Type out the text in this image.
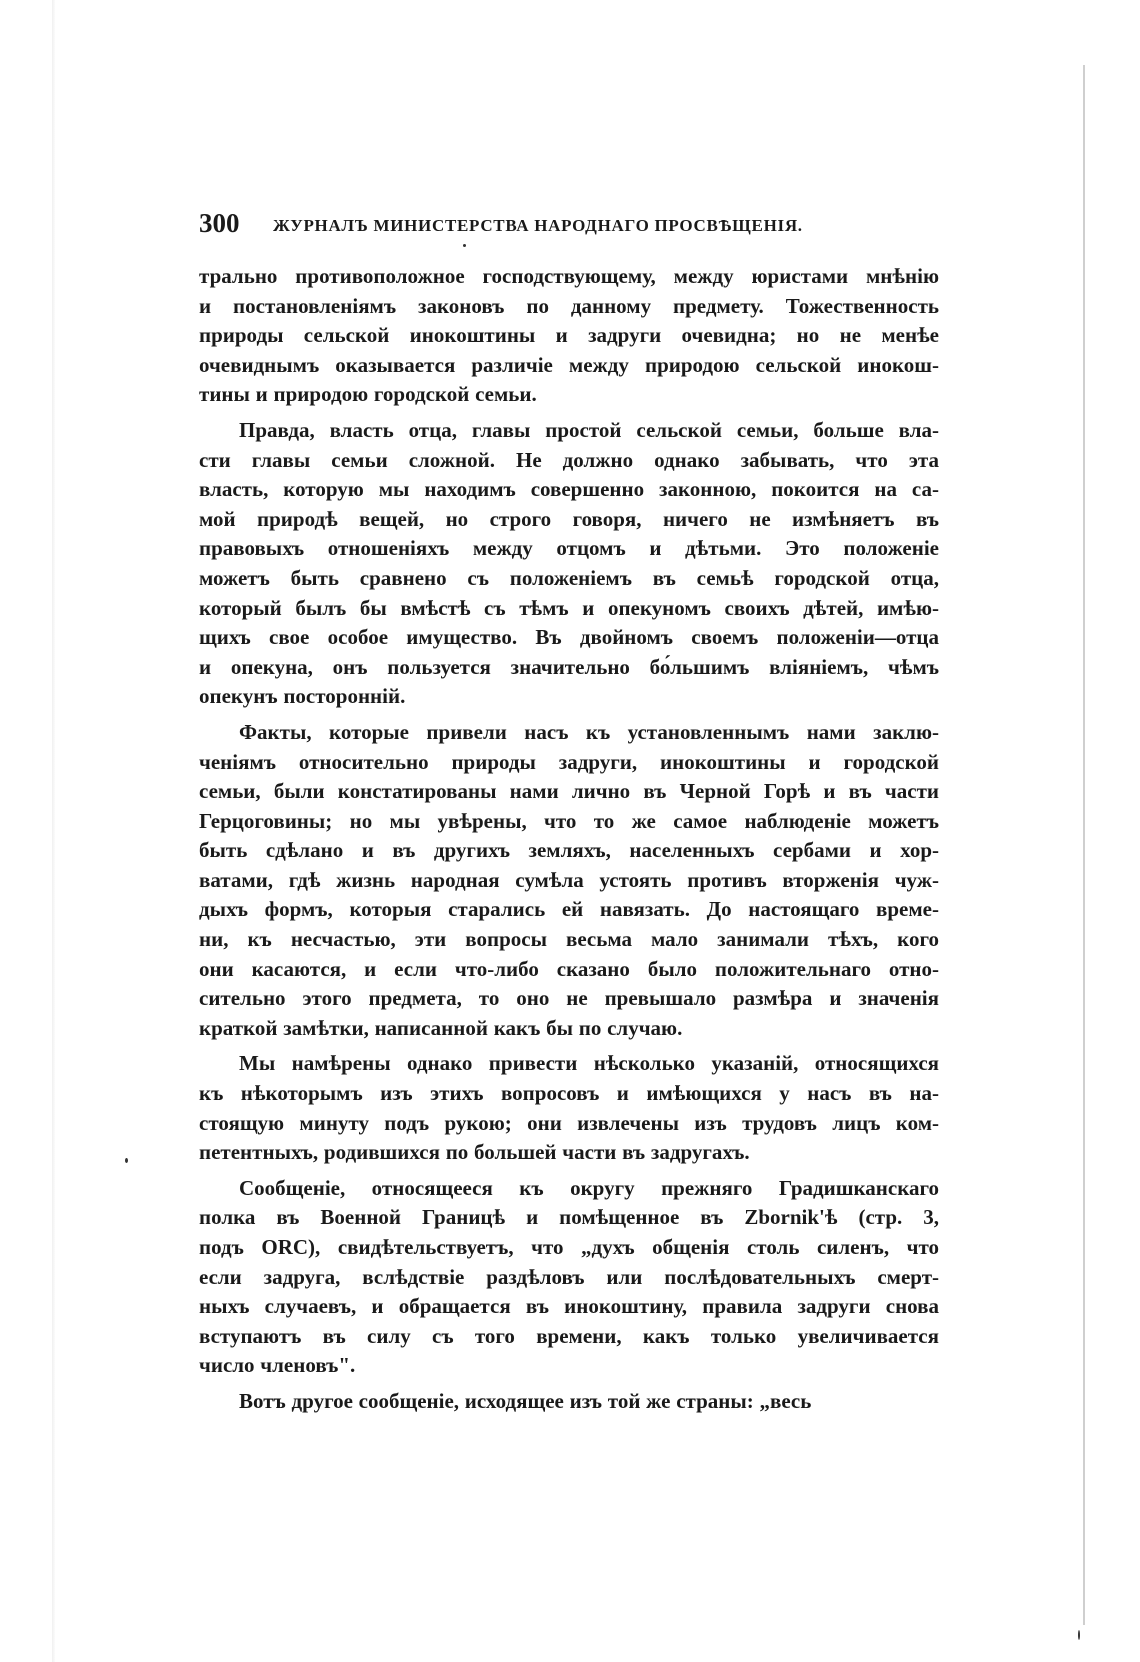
300 ЖУРНАЛЪ МИНИСТЕРСТВА НАРОДНАГО ПРОСВѢЩЕНІЯ.
трально противоположное господствующему, между юристами мнѣнію
и постановленіямъ законовъ по данному предмету. Тожественность
природы сельской инокоштины и задруги очевидна; но не менѣе
очевиднымъ оказывается различіе между природою сельской инокош-
тины и природою городской семьи.
Правда, власть отца, главы простой сельской семьи, больше вла-
сти главы семьи сложной. Не должно однако забывать, что эта
власть, которую мы находимъ совершенно законною, покоится на са-
мой природѣ вещей, но строго говоря, ничего не измѣняетъ въ
правовыхъ отношеніяхъ между отцомъ и дѣтьми. Это положеніе
можетъ быть сравнено съ положеніемъ въ семьѣ городской отца,
который былъ бы вмѣстѣ съ тѣмъ и опекуномъ своихъ дѣтей, имѣю-
щихъ свое особое имущество. Въ двойномъ своемъ положеніи—отца
и опекуна, онъ пользуется значительно бо́льшимъ вліяніемъ, чѣмъ
опекунъ посторонній.
Факты, которые привели насъ къ установленнымъ нами заклю-
ченіямъ относительно природы задруги, инокоштины и городской
семьи, были констатированы нами лично въ Черной Горѣ и въ части
Герцоговины; но мы увѣрены, что то же самое наблюденіе можетъ
быть сдѣлано и въ другихъ земляхъ, населенныхъ сербами и хор-
ватами, гдѣ жизнь народная сумѣла устоять противъ вторженія чуж-
дыхъ формъ, которыя старались ей навязать. До настоящаго време-
ни, къ несчастью, эти вопросы весьма мало занимали тѣхъ, кого
они касаются, и если что-либо сказано было положительнаго отно-
сительно этого предмета, то оно не превышало размѣра и значенія
краткой замѣтки, написанной какъ бы по случаю.
Мы намѣрены однако привести нѣсколько указаній, относящихся
къ нѣкоторымъ изъ этихъ вопросовъ и имѣющихся у насъ въ на-
стоящую минуту подъ рукою; они извлечены изъ трудовъ лицъ ком-
петентныхъ, родившихся по большей части въ задругахъ.
Сообщеніе, относящееся къ округу прежняго Градишканскаго
полка въ Военной Границѣ и помѣщенное въ Zbornik'ѣ (стр. 3,
подъ ORC), свидѣтельствуетъ, что „духъ общенія столь силенъ, что
если задруга, вслѣдствіе раздѣловъ или послѣдовательныхъ смерт-
ныхъ случаевъ, и обращается въ инокоштину, правила задруги снова
вступаютъ въ силу съ того времени, какъ только увеличивается
число членовъ".
Вотъ другое сообщеніе, исходящее изъ той же страны: „весь
